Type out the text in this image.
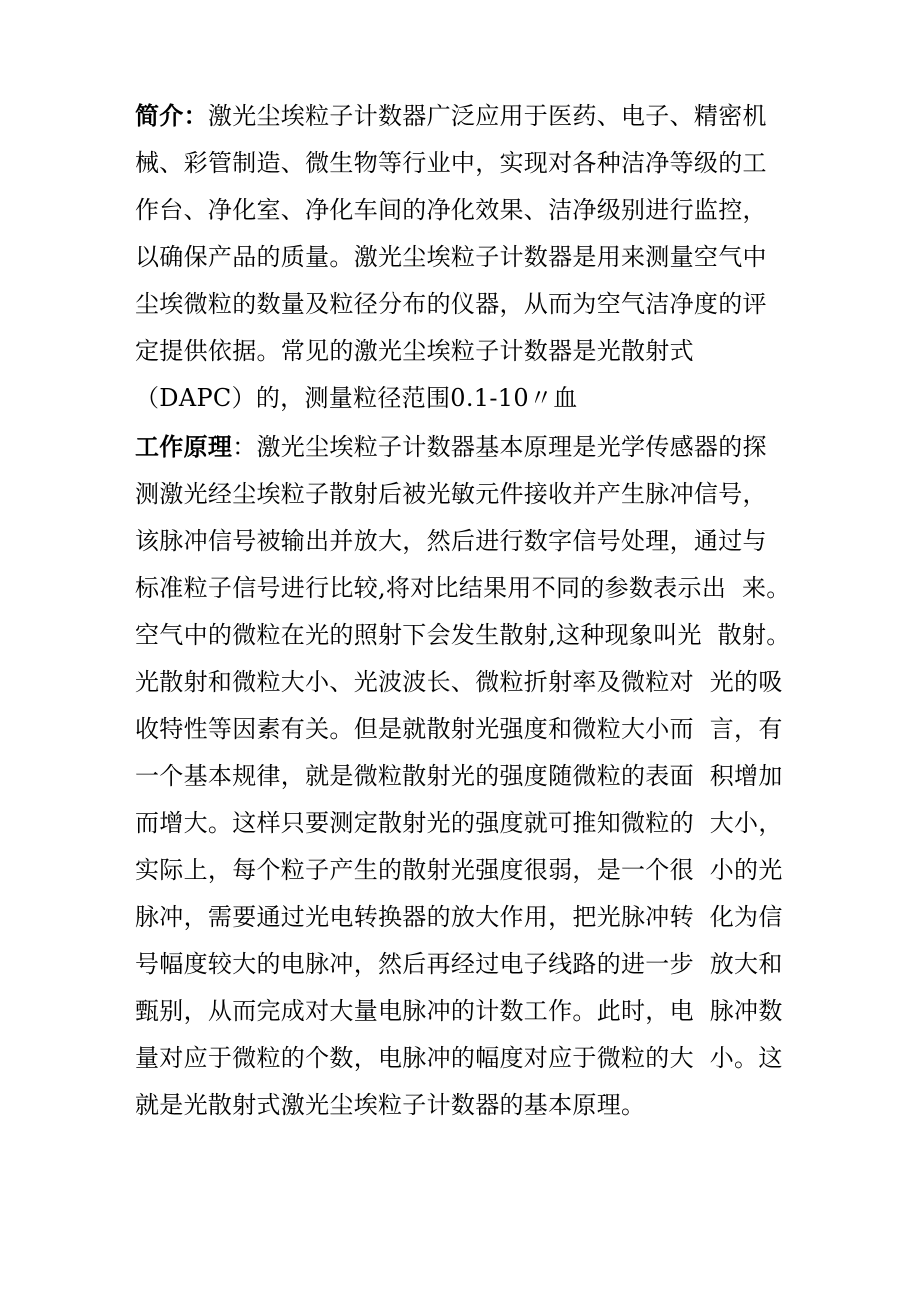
简介：激光尘埃粒子计数器广泛应用于医药、电子、精密机
械、彩管制造、微生物等行业中，实现对各种洁净等级的工
作台、净化室、净化车间的净化效果、洁净级别进行监控，
以确保产品的质量。激光尘埃粒子计数器是用来测量空气中
尘埃微粒的数量及粒径分布的仪器，从而为空气洁净度的评
定提供依据。常见的激光尘埃粒子计数器是光散射式
（DAPC）的，测量粒径范围0.1-10〃血
工作原理：激光尘埃粒子计数器基本原理是光学传感器的探
测激光经尘埃粒子散射后被光敏元件接收并产生脉冲信号，
该脉冲信号被输出并放大，然后进行数字信号处理，通过与
标准粒子信号进行比较,将对比结果用不同的参数表示出  来。
空气中的微粒在光的照射下会发生散射,这种现象叫光  散射。
光散射和微粒大小、光波波长、微粒折射率及微粒对  光的吸
收特性等因素有关。但是就散射光强度和微粒大小而  言，有
一个基本规律，就是微粒散射光的强度随微粒的表面  积增加
而增大。这样只要测定散射光的强度就可推知微粒的  大小，
实际上，每个粒子产生的散射光强度很弱，是一个很  小的光
脉冲，需要通过光电转换器的放大作用，把光脉冲转  化为信
号幅度较大的电脉冲，然后再经过电子线路的进一步  放大和
甄别，从而完成对大量电脉冲的计数工作。此时，电  脉冲数
量对应于微粒的个数，电脉冲的幅度对应于微粒的大  小。这
就是光散射式激光尘埃粒子计数器的基本原理。
